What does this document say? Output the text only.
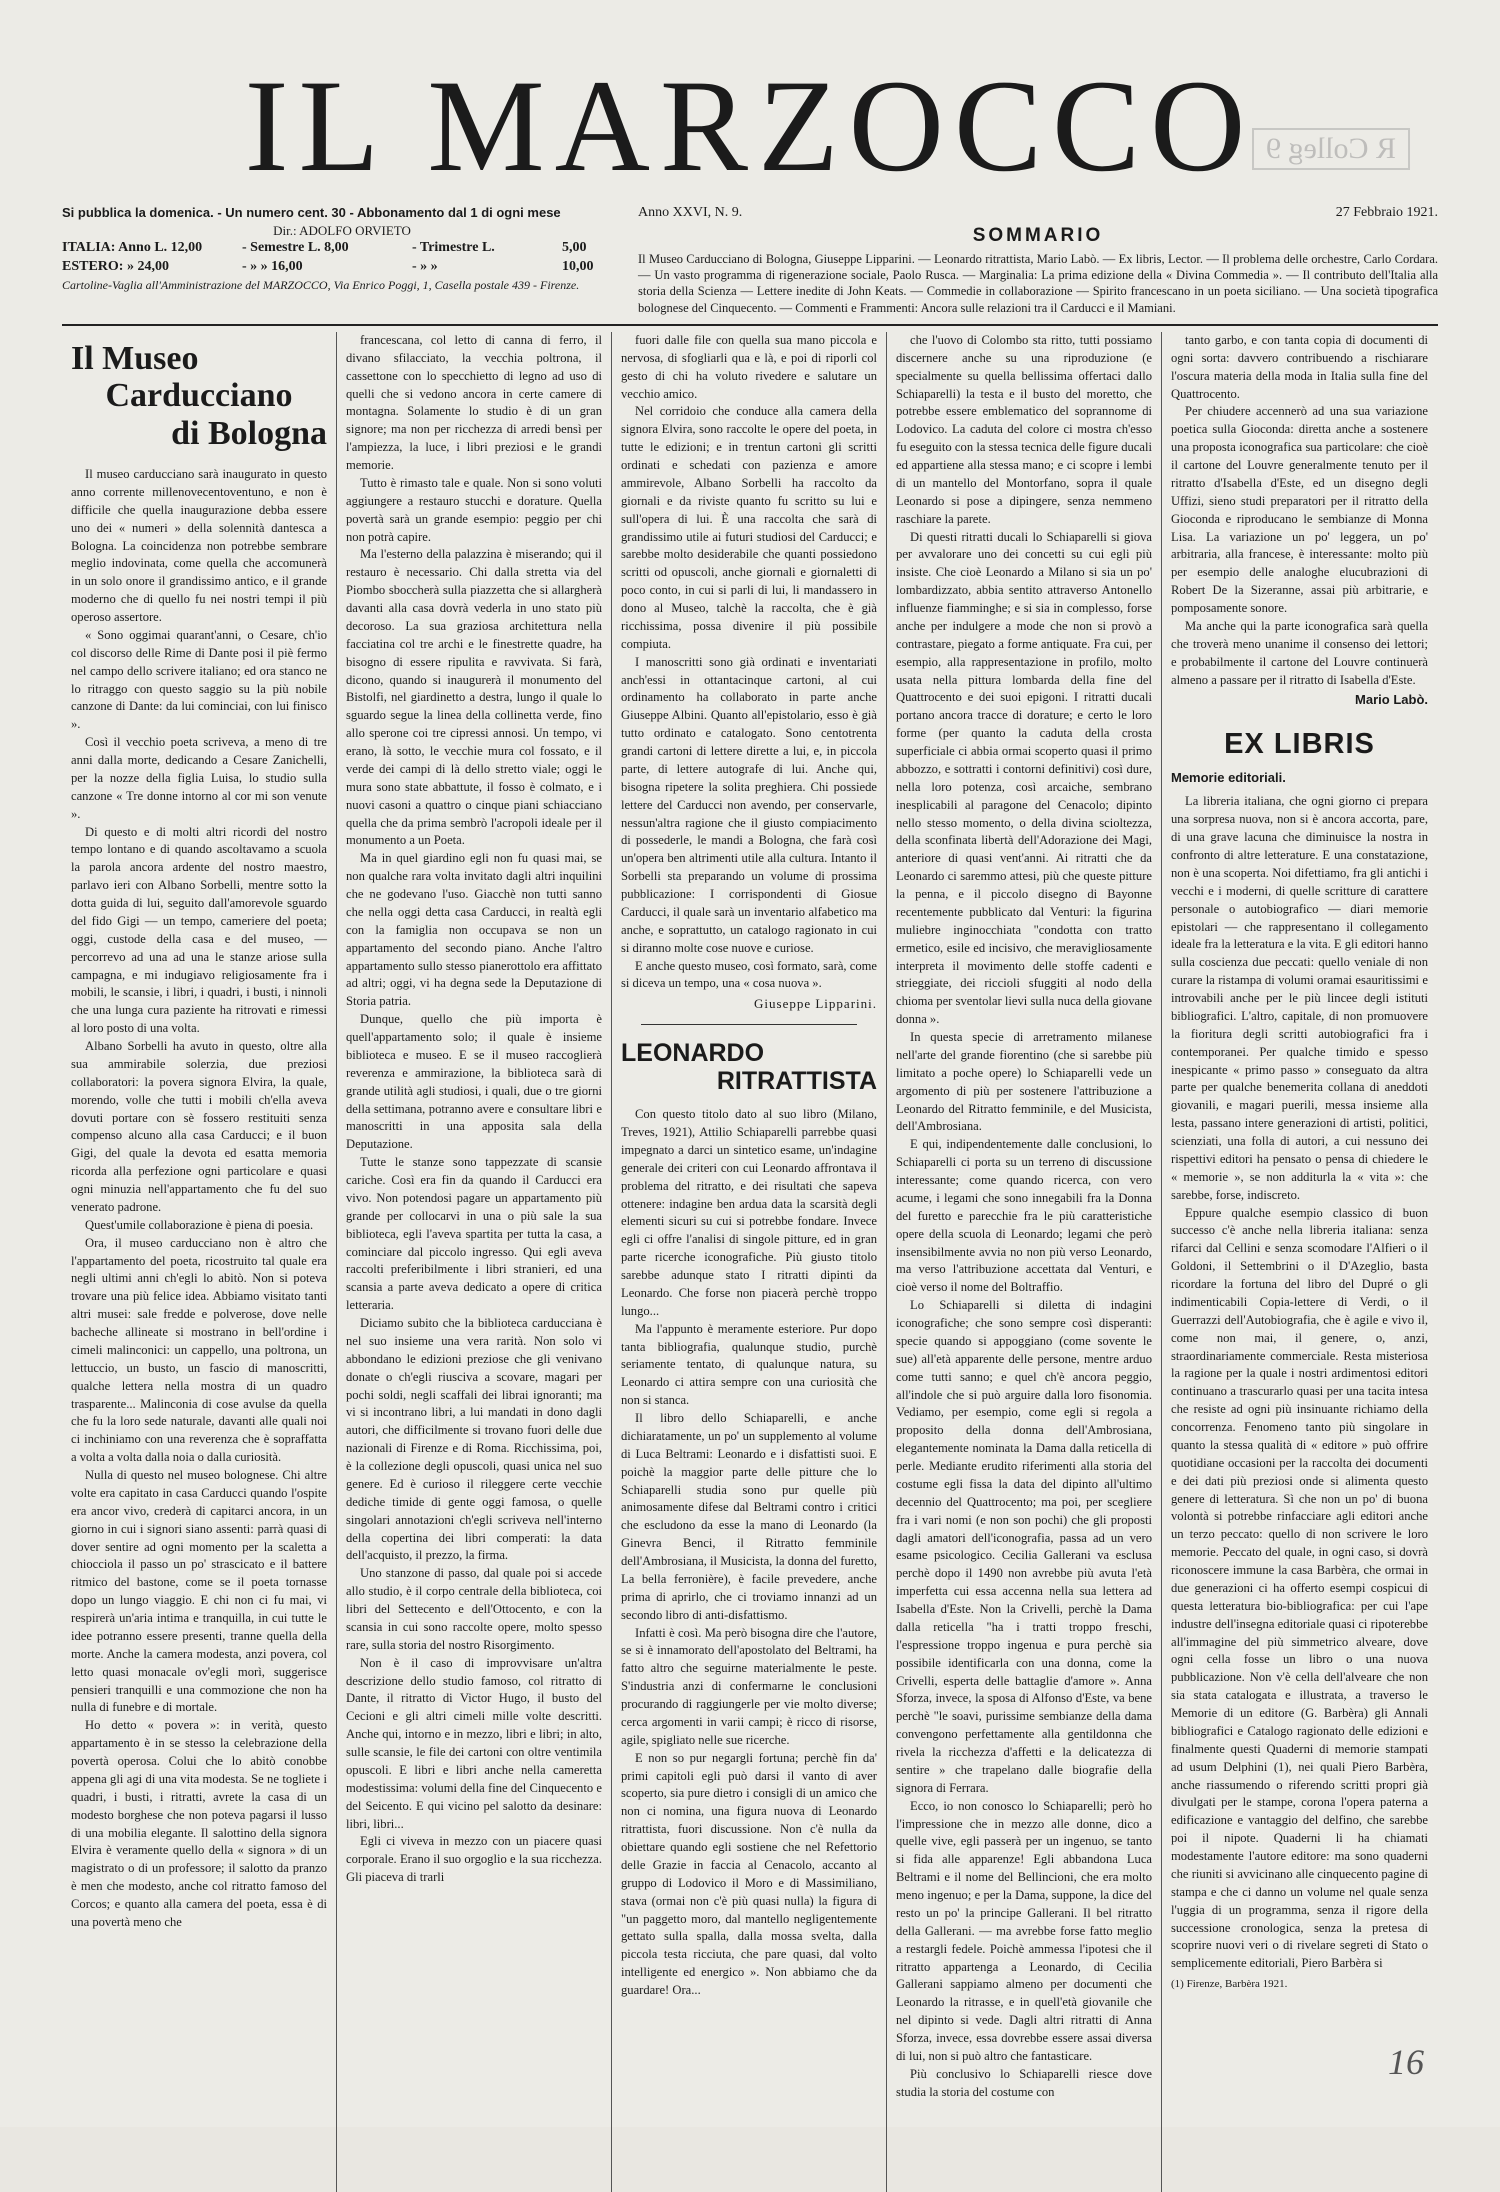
IL MARZOCCO R Colleg 9
Si pubblica la domenica. - Un numero cent. 30 - Abbonamento dal 1 di ogni mese
Dir.: ADOLFO ORVIETO
ITALIA: Anno L. 12,00	- Semestre L. 8,00	- Trimestre L.	5,00
ESTERO: » 24,00	- » » 16,00	- » »	10,00
Cartoline-Vaglia all'Amministrazione del MARZOCCO, Via Enrico Poggi, 1, Casella postale 439 - Firenze.
Anno XXVI, N. 9.	27 Febbraio 1921.
SOMMARIO
Il Museo Carducciano di Bologna, Giuseppe Lipparini. — Leonardo ritrattista, Mario Labò. — Ex libris, Lector. — Il problema delle orchestre, Carlo Cordara. — Un vasto programma di rigenerazione sociale, Paolo Rusca. — Marginalia: La prima edizione della « Divina Commedia ». — Il contributo dell'Italia alla storia della Scienza — Lettere inedite di John Keats. — Commedie in collaborazione — Spirito francescano in un poeta siciliano. — Una società tipografica bolognese del Cinquecento. — Commenti e Frammenti: Ancora sulle relazioni tra il Carducci e il Mamiani.
Il Museo
Carducciano
di Bologna

Il museo carducciano sarà inaugurato in questo anno corrente millenovecentoventuno, e non è difficile che quella inaugurazione debba essere uno dei « numeri » della solennità dantesca a Bologna. La coincidenza non potrebbe sembrare meglio indovinata, come quella che accomunerà in un solo onore il grandissimo antico, e il grande moderno che di quello fu nei nostri tempi il più operoso assertore.

« Sono oggimai quarant'anni, o Cesare, ch'io col discorso delle Rime di Dante posi il piè fermo nel campo dello scrivere italiano; ed ora stanco ne lo ritraggo con questo saggio su la più nobile canzone di Dante: da lui cominciai, con lui finisco ».

Così il vecchio poeta scriveva, a meno di tre anni dalla morte, dedicando a Cesare Zanichelli, per la nozze della figlia Luisa, lo studio sulla canzone « Tre donne intorno al cor mi son venute ».

Di questo e di molti altri ricordi del nostro tempo lontano e di quando ascoltavamo a scuola la parola ancora ardente del nostro maestro, parlavo ieri con Albano Sorbelli, mentre sotto la dotta guida di lui, seguito dall'amorevole sguardo del fido Gigi — un tempo, cameriere del poeta; oggi, custode della casa e del museo, — percorrevo ad una ad una le stanze ariose sulla campagna, e mi indugiavo religiosamente fra i mobili, le scansie, i libri, i quadri, i busti, i ninnoli che una lunga cura paziente ha ritrovati e rimessi al loro posto di una volta.

Albano Sorbelli ha avuto in questo, oltre alla sua ammirabile solerzia, due preziosi collaboratori: la povera signora Elvira, la quale, morendo, volle che tutti i mobili ch'ella aveva dovuti portare con sè fossero restituiti senza compenso alcuno alla casa Carducci; e il buon Gigi, del quale la devota ed esatta memoria ricorda alla perfezione ogni particolare e quasi ogni minuzia nell'appartamento che fu del suo venerato padrone.

Quest'umile collaborazione è piena di poesia.

Ora, il museo carducciano non è altro che l'appartamento del poeta, ricostruito tal quale era negli ultimi anni ch'egli lo abitò. Non si poteva trovare una più felice idea. Abbiamo visitato tanti altri musei: sale fredde e polverose, dove nelle bacheche allineate si mostrano in bell'ordine i cimeli malinconici: un cappello, una poltrona, un lettuccio, un busto, un fascio di manoscritti, qualche lettera nella mostra di un quadro trasparente... Malinconia di cose avulse da quella che fu la loro sede naturale, davanti alle quali noi ci inchiniamo con una reverenza che è sopraffatta a volta a volta dalla noia o dalla curiosità.

Nulla di questo nel museo bolognese. Chi altre volte era capitato in casa Carducci quando l'ospite era ancor vivo, crederà di capitarci ancora, in un giorno in cui i signori siano assenti: parrà quasi di dover sentire ad ogni momento per la scaletta a chiocciola il passo un po' strascicato e il battere ritmico del bastone, come se il poeta tornasse dopo un lungo viaggio. E chi non ci fu mai, vi respirerà un'aria intima e tranquilla, in cui tutte le idee potranno essere presenti, tranne quella della morte. Anche la camera modesta, anzi povera, col letto quasi monacale ov'egli morì, suggerisce pensieri tranquilli e una commozione che non ha nulla di funebre e di mortale.

Ho detto « povera »: in verità, questo appartamento è in se stesso la celebrazione della povertà operosa. Colui che lo abitò conobbe appena gli agi di una vita modesta. Se ne togliete i quadri, i busti, i ritratti, avrete la casa di un modesto borghese che non poteva pagarsi il lusso di una mobilia elegante. Il salottino della signora Elvira è veramente quello della « signora » di un magistrato o di un professore; il salotto da pranzo è men che modesto, anche col ritratto famoso del Corcos; e quanto alla camera del poeta, essa è di una povertà meno che

francescana, col letto di canna di ferro, il divano sfilacciato, la vecchia poltrona, il cassettone con lo specchietto di legno ad uso di quelli che si vedono ancora in certe camere di montagna. Solamente lo studio è di un gran signore; ma non per ricchezza di arredi bensì per l'ampiezza, la luce, i libri preziosi e le grandi memorie.

Tutto è rimasto tale e quale. Non si sono voluti aggiungere a restauro stucchi e dorature. Quella povertà sarà un grande esempio: peggio per chi non potrà capire.

Ma l'esterno della palazzina è miserando; qui il restauro è necessario. Chi dalla stretta via del Piombo sboccherà sulla piazzetta che si allargherà davanti alla casa dovrà vederla in uno stato più decoroso. La sua graziosa architettura nella facciatina col tre archi e le finestrette quadre, ha bisogno di essere ripulita e ravvivata. Si farà, dicono, quando si inaugurerà il monumento del Bistolfi, nel giardinetto a destra, lungo il quale lo sguardo segue la linea della collinetta verde, fino allo sperone coi tre cipressi annosi. Un tempo, vi erano, là sotto, le vecchie mura col fossato, e il verde dei campi di là dello stretto viale; oggi le mura sono state abbattute, il fosso è colmato, e i nuovi casoni a quattro o cinque piani schiacciano quella che da prima sembrò l'acropoli ideale per il monumento a un Poeta.

Ma in quel giardino egli non fu quasi mai, se non qualche rara volta invitato dagli altri inquilini che ne godevano l'uso. Giacchè non tutti sanno che nella oggi detta casa Carducci, in realtà egli con la famiglia non occupava se non un appartamento del secondo piano. Anche l'altro appartamento sullo stesso pianerottolo era affittato ad altri; oggi, vi ha degna sede la Deputazione di Storia patria.

Dunque, quello che più importa è quell'appartamento solo; il quale è insieme biblioteca e museo. E se il museo raccoglierà reverenza e ammirazione, la biblioteca sarà di grande utilità agli studiosi, i quali, due o tre giorni della settimana, potranno avere e consultare libri e manoscritti in una apposita sala della Deputazione.

Tutte le stanze sono tappezzate di scansie cariche. Così era fin da quando il Carducci era vivo. Non potendosi pagare un appartamento più grande per collocarvi in una o più sale la sua biblioteca, egli l'aveva spartita per tutta la casa, a cominciare dal piccolo ingresso. Qui egli aveva raccolti preferibilmente i libri stranieri, ed una scansia a parte aveva dedicato a opere di critica letteraria.

Diciamo subito che la biblioteca carducciana è nel suo insieme una vera rarità. Non solo vi abbondano le edizioni preziose che gli venivano donate o ch'egli riusciva a scovare, magari per pochi soldi, negli scaffali dei librai ignoranti; ma vi si incontrano libri, a lui mandati in dono dagli autori, che difficilmente si trovano fuori delle due nazionali di Firenze e di Roma. Ricchissima, poi, è la collezione degli opuscoli, quasi unica nel suo genere. Ed è curioso il rileggere certe vecchie dediche timide di gente oggi famosa, o quelle singolari annotazioni ch'egli scriveva nell'interno della copertina dei libri comperati: la data dell'acquisto, il prezzo, la firma.

Uno stanzone di passo, dal quale poi si accede allo studio, è il corpo centrale della biblioteca, coi libri del Settecento e dell'Ottocento, e con la scansia in cui sono raccolte opere, molto spesso rare, sulla storia del nostro Risorgimento.

Non è il caso di improvvisare un'altra descrizione dello studio famoso, col ritratto di Dante, il ritratto di Victor Hugo, il busto del Cecioni e gli altri cimeli mille volte descritti. Anche qui, intorno e in mezzo, libri e libri; in alto, sulle scansie, le file dei cartoni con oltre ventimila opuscoli. E libri e libri anche nella cameretta modestissima: volumi della fine del Cinquecento e del Seicento. E qui vicino pel salotto da desinare: libri, libri...

Egli ci viveva in mezzo con un piacere quasi corporale. Erano il suo orgoglio e la sua ricchezza. Gli piaceva di trarli

fuori dalle file con quella sua mano piccola e nervosa, di sfogliarli qua e là, e poi di riporli col gesto di chi ha voluto rivedere e salutare un vecchio amico.

Nel corridoio che conduce alla camera della signora Elvira, sono raccolte le opere del poeta, in tutte le edizioni; e in trentun cartoni gli scritti ordinati e schedati con pazienza e amore ammirevole, Albano Sorbelli ha raccolto da giornali e da riviste quanto fu scritto su lui e sull'opera di lui. È una raccolta che sarà di grandissimo utile ai futuri studiosi del Carducci; e sarebbe molto desiderabile che quanti possiedono scritti od opuscoli, anche giornali e giornaletti di poco conto, in cui si parli di lui, li mandassero in dono al Museo, talchè la raccolta, che è già ricchissima, possa divenire il più possibile compiuta.

I manoscritti sono già ordinati e inventariati anch'essi in ottantacinque cartoni, al cui ordinamento ha collaborato in parte anche Giuseppe Albini. Quanto all'epistolario, esso è già tutto ordinato e catalogato. Sono centotrenta grandi cartoni di lettere dirette a lui, e, in piccola parte, di lettere autografe di lui. Anche qui, bisogna ripetere la solita preghiera. Chi possiede lettere del Carducci non avendo, per conservarle, nessun'altra ragione che il giusto compiacimento di possederle, le mandi a Bologna, che farà così un'opera ben altrimenti utile alla cultura. Intanto il Sorbelli sta preparando un volume di prossima pubblicazione: I corrispondenti di Giosue Carducci, il quale sarà un inventario alfabetico ma anche, e soprattutto, un catalogo ragionato in cui si diranno molte cose nuove e curiose.

E anche questo museo, così formato, sarà, come si diceva un tempo, una « cosa nuova ».

Giuseppe Lipparini.
LEONARDO
RITRATTISTA

Con questo titolo dato al suo libro (Milano, Treves, 1921), Attilio Schiaparelli parrebbe quasi impegnato a darci un sintetico esame, un'indagine generale dei criteri con cui Leonardo affrontava il problema del ritratto, e dei risultati che sapeva ottenere: indagine ben ardua data la scarsità degli elementi sicuri su cui si potrebbe fondare. Invece egli ci offre l'analisi di singole pitture, ed in gran parte ricerche iconografiche. Più giusto titolo sarebbe adunque stato I ritratti dipinti da Leonardo. Che forse non piacerà perchè troppo lungo...

Ma l'appunto è meramente esteriore. Pur dopo tanta bibliografia, qualunque studio, purchè seriamente tentato, di qualunque natura, su Leonardo ci attira sempre con una curiosità che non si stanca.

Il libro dello Schiaparelli, e anche dichiaratamente, un po' un supplemento al volume di Luca Beltrami: Leonardo e i disfattisti suoi. E poichè la maggior parte delle pitture che lo Schiaparelli studia sono pur quelle più animosamente difese dal Beltrami contro i critici che escludono da esse la mano di Leonardo (la Ginevra Benci, il Ritratto femminile dell'Ambrosiana, il Musicista, la donna del furetto, La bella ferronière), è facile prevedere, anche prima di aprirlo, che ci troviamo innanzi ad un secondo libro di anti-disfattismo.

Infatti è così. Ma però bisogna dire che l'autore, se si è innamorato dell'apostolato del Beltrami, ha fatto altro che seguirne materialmente le peste. S'industria anzi di confermarne le conclusioni procurando di raggiungerle per vie molto diverse; cerca argomenti in varii campi; è ricco di risorse, agile, spigliato nelle sue ricerche.

E non so pur negargli fortuna; perchè fin da' primi capitoli egli può darsi il vanto di aver scoperto, sia pure dietro i consigli di un amico che non ci nomina, una figura nuova di Leonardo ritrattista, fuori discussione. Non c'è nulla da obiettare quando egli sostiene che nel Refettorio delle Grazie in faccia al Cenacolo, accanto al gruppo di Lodovico il Moro e di Massimiliano, stava (ormai non c'è più quasi nulla) la figura di "un paggetto moro, dal mantello negligentemente gettato sulla spalla, dalla mossa svelta, dalla piccola testa ricciuta, che pare quasi, dal volto intelligente ed energico ». Non abbiamo che da guardare! Ora...

che l'uovo di Colombo sta ritto, tutti possiamo discernere anche su una riproduzione (e specialmente su quella bellissima offertaci dallo Schiaparelli) la testa e il busto del moretto, che potrebbe essere emblematico del soprannome di Lodovico. La caduta del colore ci mostra ch'esso fu eseguito con la stessa tecnica delle figure ducali ed appartiene alla stessa mano; e ci scopre i lembi di un mantello del Montorfano, sopra il quale Leonardo si pose a dipingere, senza nemmeno raschiare la parete.

Di questi ritratti ducali lo Schiaparelli si giova per avvalorare uno dei concetti su cui egli più insiste. Che cioè Leonardo a Milano si sia un po' lombardizzato, abbia sentito attraverso Antonello influenze fiamminghe; e si sia in complesso, forse anche per indulgere a mode che non si provò a contrastare, piegato a forme antiquate. Fra cui, per esempio, alla rappresentazione in profilo, molto usata nella pittura lombarda della fine del Quattrocento e dei suoi epigoni. I ritratti ducali portano ancora tracce di dorature; e certo le loro forme (per quanto la caduta della crosta superficiale ci abbia ormai scoperto quasi il primo abbozzo, e sottratti i contorni definitivi) così dure, nella loro potenza, così arcaiche, sembrano inesplicabili al paragone del Cenacolo; dipinto nello stesso momento, o della divina scioltezza, della sconfinata libertà dell'Adorazione dei Magi, anteriore di quasi vent'anni. Ai ritratti che da Leonardo ci saremmo attesi, più che queste pitture la penna, e il piccolo disegno di Bayonne recentemente pubblicato dal Venturi: la figurina muliebre inginocchiata "condotta con tratto ermetico, esile ed incisivo, che meravigliosamente interpreta il movimento delle stoffe cadenti e strieggiate, dei riccioli sfuggiti al nodo della chioma per sventolar lievi sulla nuca della giovane donna ».

In questa specie di arretramento milanese nell'arte del grande fiorentino (che si sarebbe più limitato a poche opere) lo Schiaparelli vede un argomento di più per sostenere l'attribuzione a Leonardo del Ritratto femminile, e del Musicista, dell'Ambrosiana.

E qui, indipendentemente dalle conclusioni, lo Schiaparelli ci porta su un terreno di discussione interessante; come quando ricerca, con vero acume, i legami che sono innegabili fra la Donna del furetto e parecchie fra le più caratteristiche opere della scuola di Leonardo; legami che però insensibilmente avvia no non più verso Leonardo, ma verso l'attribuzione accettata dal Venturi, e cioè verso il nome del Boltraffio.

Lo Schiaparelli si diletta di indagini iconografiche; che sono sempre così disperanti: specie quando si appoggiano (come sovente le sue) all'età apparente delle persone, mentre arduo come tutti sanno; e quel ch'è ancora peggio, all'indole che si può arguire dalla loro fisonomia. Vediamo, per esempio, come egli si regola a proposito della donna dell'Ambrosiana, elegantemente nominata la Dama dalla reticella di perle. Mediante erudito riferimenti alla storia del costume egli fissa la data del dipinto all'ultimo decennio del Quattrocento; ma poi, per scegliere fra i vari nomi (e non son pochi) che gli proposti dagli amatori dell'iconografia, passa ad un vero esame psicologico. Cecilia Gallerani va esclusa perchè dopo il 1490 non avrebbe più avuta l'età imperfetta cui essa accenna nella sua lettera ad Isabella d'Este. Non la Crivelli, perchè la Dama dalla reticella "ha i tratti troppo freschi, l'espressione troppo ingenua e pura perchè sia possibile identificarla con una donna, come la Crivelli, esperta delle battaglie d'amore ». Anna Sforza, invece, la sposa di Alfonso d'Este, va bene perchè "le soavi, purissime sembianze della dama convengono perfettamente alla gentildonna che rivela la ricchezza d'affetti e la delicatezza di sentire » che trapelano dalle biografie della signora di Ferrara.

Ecco, io non conosco lo Schiaparelli; però ho l'impressione che in mezzo alle donne, dico a quelle vive, egli passerà per un ingenuo, se tanto si fida alle apparenze! Egli abbandona Luca Beltrami e il nome del Bellincioni, che era molto meno ingenuo; e per la Dama, suppone, la dice del resto un po' la principe Gallerani. Il bel ritratto della Gallerani. — ma avrebbe forse fatto meglio a restargli fedele. Poichè ammessa l'ipotesi che il ritratto appartenga a Leonardo, di Cecilia Gallerani sappiamo almeno per documenti che Leonardo la ritrasse, e in quell'età giovanile che nel dipinto si vede. Dagli altri ritratti di Anna Sforza, invece, essa dovrebbe essere assai diversa di lui, non si può altro che fantasticare.

Più conclusivo lo Schiaparelli riesce dove studia la storia del costume con

tanto garbo, e con tanta copia di documenti di ogni sorta: davvero contribuendo a rischiarare l'oscura materia della moda in Italia sulla fine del Quattrocento.

Per chiudere accennerò ad una sua variazione poetica sulla Gioconda: diretta anche a sostenere una proposta iconografica sua particolare: che cioè il cartone del Louvre generalmente tenuto per il ritratto d'Isabella d'Este, ed un disegno degli Uffizi, sieno studi preparatori per il ritratto della Gioconda e riproducano le sembianze di Monna Lisa. La variazione un po' leggera, un po' arbitraria, alla francese, è interessante: molto più per esempio delle analoghe elucubrazioni di Robert De la Sizeranne, assai più arbitrarie, e pomposamente sonore.

Ma anche qui la parte iconografica sarà quella che troverà meno unanime il consenso dei lettori; e probabilmente il cartone del Louvre continuerà almeno a passare per il ritratto di Isabella d'Este.

Mario Labò.
EX LIBRIS
Memorie editoriali.

La libreria italiana, che ogni giorno ci prepara una sorpresa nuova, non si è ancora accorta, pare, di una grave lacuna che diminuisce la nostra in confronto di altre letterature. E una constatazione, non è una scoperta. Noi difettiamo, fra gli antichi i vecchi e i moderni, di quelle scritture di carattere personale o autobiografico — diari memorie epistolari — che rappresentano il collegamento ideale fra la letteratura e la vita. E gli editori hanno sulla coscienza due peccati: quello veniale di non curare la ristampa di volumi oramai esauritissimi e introvabili anche per le più lincee degli istituti bibliografici. L'altro, capitale, di non promuovere la fioritura degli scritti autobiografici fra i contemporanei. Per qualche timido e spesso inespicante « primo passo » conseguato da altra parte per qualche benemerita collana di aneddoti giovanili, e magari puerili, messa insieme alla lesta, passano intere generazioni di artisti, politici, scienziati, una folla di autori, a cui nessuno dei rispettivi editori ha pensato o pensa di chiedere le « memorie », se non additurla la « vita »: che sarebbe, forse, indiscreto.

Eppure qualche esempio classico di buon successo c'è anche nella libreria italiana: senza rifarci dal Cellini e senza scomodare l'Alfieri o il Goldoni, il Settembrini o il D'Azeglio, basta ricordare la fortuna del libro del Dupré o gli indimenticabili Copia-lettere di Verdi, o il Guerrazzi dell'Autobiografia, che è agile e vivo il, come non mai, il genere, o, anzi, straordinariamente commerciale. Resta misteriosa la ragione per la quale i nostri ardimentosi editori continuano a trascurarlo quasi per una tacita intesa che resiste ad ogni più insinuante richiamo della concorrenza. Fenomeno tanto più singolare in quanto la stessa qualità di « editore » può offrire quotidiane occasioni per la raccolta dei documenti e dei dati più preziosi onde si alimenta questo genere di letteratura. Sì che non un po' di buona volontà si potrebbe rinfacciare agli editori anche un terzo peccato: quello di non scrivere le loro memorie. Peccato del quale, in ogni caso, si dovrà riconoscere immune la casa Barbèra, che ormai in due generazioni ci ha offerto esempi cospicui di questa letteratura bio-bibliografica: per cui l'ape industre dell'insegna editoriale quasi ci ripoterebbe all'immagine del più simmetrico alveare, dove ogni cella fosse un libro o una nuova pubblicazione. Non v'è cella dell'alveare che non sia stata catalogata e illustrata, a traverso le Memorie di un editore (G. Barbèra) gli Annali bibliografici e Catalogo ragionato delle edizioni e finalmente questi Quaderni di memorie stampati ad usum Delphini (1), nei quali Piero Barbèra, anche riassumendo o riferendo scritti propri già divulgati per le stampe, corona l'opera paterna a edificazione e vantaggio del delfino, che sarebbe poi il nipote. Quaderni li ha chiamati modestamente l'autore editore: ma sono quaderni che riuniti si avvicinano alle cinquecento pagine di stampa e che ci danno un volume nel quale senza l'uggia di un programma, senza il rigore della successione cronologica, senza la pretesa di scoprire nuovi veri o di rivelare segreti di Stato o semplicemente editoriali, Piero Barbèra si

(1) Firenze, Barbèra 1921.
16
